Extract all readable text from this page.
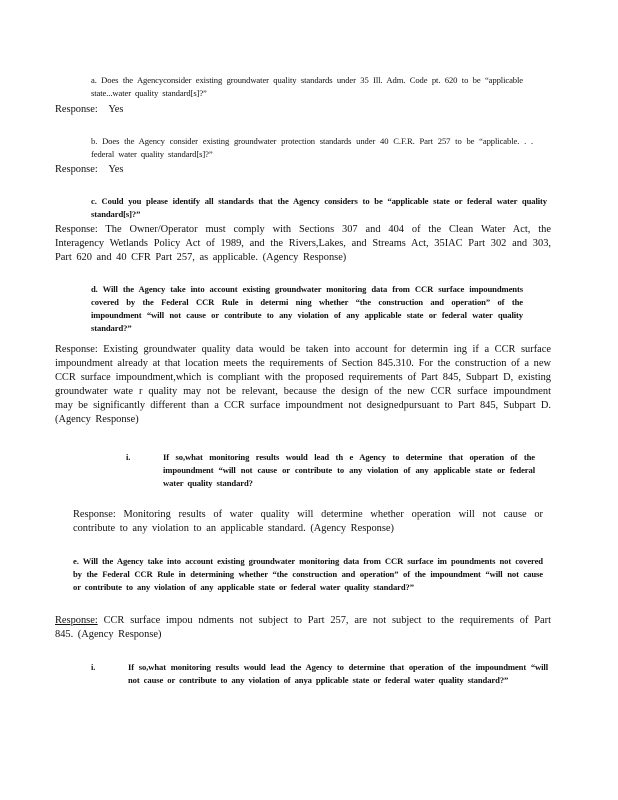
a. Does the Agencyconsider existing groundwater quality standards under 35 Ill. Adm. Code pt. 620 to be “applicable state...water quality standard[s]?”

Response: Yes

b. Does the Agency consider existing groundwater protection standards under 40 C.F.R. Part 257 to be “applicable. . . federal water quality standard[s]?”

Response: Yes

c. Could you please identify all standards that the Agency considers to be “applicable state or federal water quality standard[s]?”

Response: The Owner/Operator must comply with Sections 307 and 404 of the Clean Water Act, the Interagency Wetlands Policy Act of 1989, and the Rivers,Lakes, and Streams Act, 35IAC Part 302 and 303, Part 620 and 40 CFR Part 257, as applicable. (Agency Response)

d. Will the Agency take into account existing groundwater monitoring data from CCR surface impoundments covered by the Federal CCR Rule in determi ning whether “the construction and operation” of the impoundment “will not cause or contribute to any violation of any applicable state or federal water quality standard?”

Response: Existing groundwater quality data would be taken into account for determin ing if a CCR surface impoundment already at that location meets the requirements of Section 845.310. For the construction of a new CCR surface impoundment,which is compliant with the proposed requirements of Part 845, Subpart D, existing groundwater wate r quality may not be relevant, because the design of the new CCR surface impoundment may be significantly different than a CCR surface impoundment not designedpursuant to Part 845, Subpart D.(Agency Response)

i.	If so,what monitoring results would lead th e Agency to determine that operation of the impoundment “will not cause or contribute to any violation of any applicable state or federal water quality standard?

Response: Monitoring results of water quality will determine whether operation will not cause or contribute to any violation to an applicable standard. (Agency Response)

e. Will the Agency take into account existing groundwater monitoring data from CCR surface im poundments not covered by the Federal CCR Rule in determining whether “the construction and operation” of the impoundment “will not cause or contribute to any violation of any applicable state or federal water quality standard?”

Response: CCR surface impou ndments not subject to Part 257, are not subject to the requirements of Part 845. (Agency Response)

i.	If so,what monitoring results would lead the Agency to determine that operation of the impoundment “will not cause or contribute to any violation of anya pplicable state or federal water quality standard?”
